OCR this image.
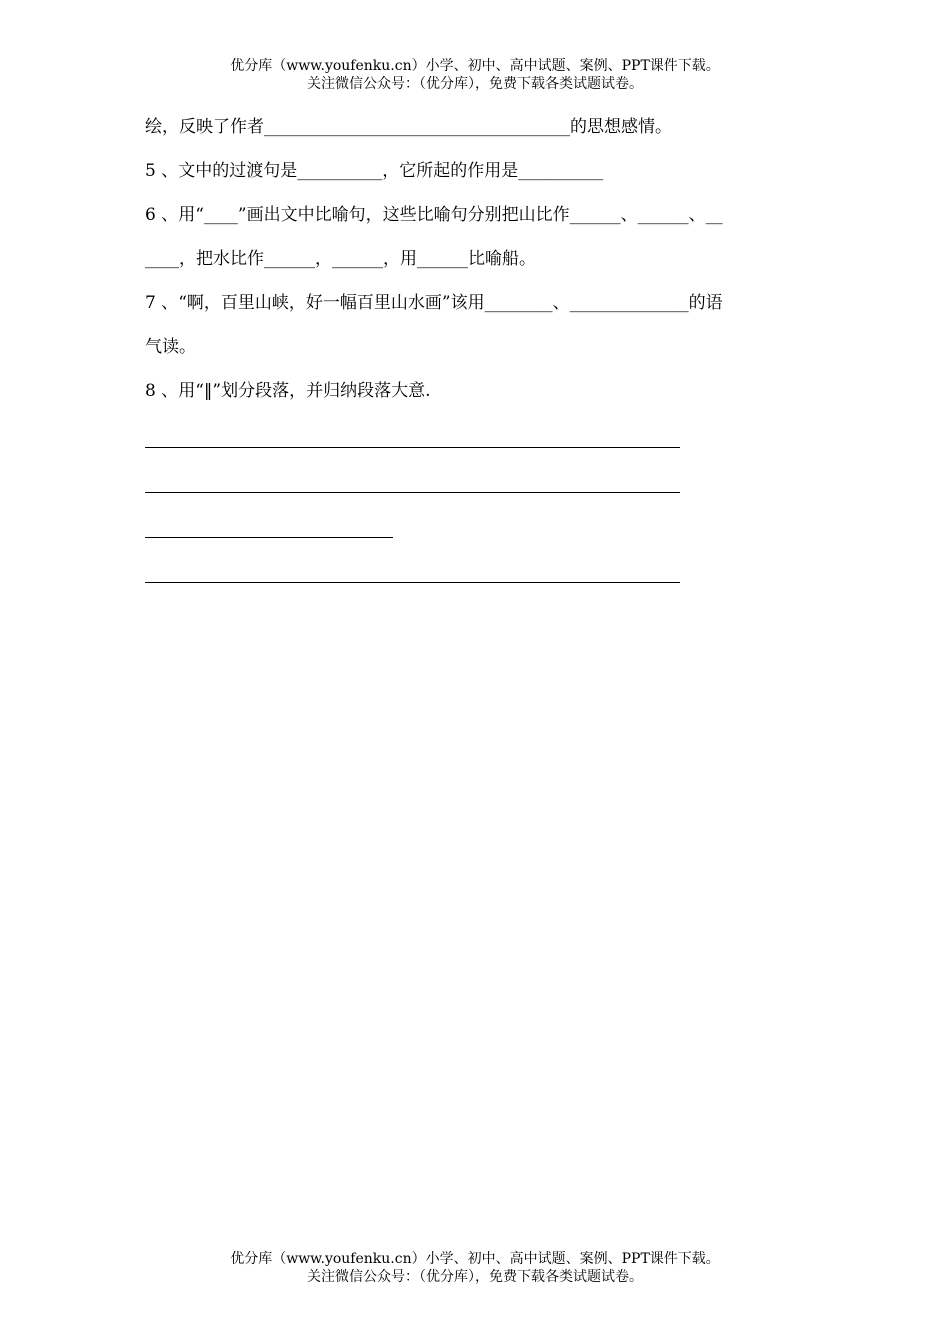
优分库（www.youfenku.cn）小学、初中、高中试题、案例、PPT课件下载。
关注微信公众号：（优分库），免费下载各类试题试卷。
绘，反映了作者____________________________________的思想感情。
5 、文中的过渡句是__________，它所起的作用是__________
6 、用“____”画出文中比喻句，这些比喻句分别把山比作______、______、__
____，把水比作______，______，用______比喻船。
7 、“啊，百里山峡，好一幅百里山水画”该用________、______________的语
气读。
8 、用“‖”划分段落，并归纳段落大意.
优分库（www.youfenku.cn）小学、初中、高中试题、案例、PPT课件下载。
关注微信公众号：（优分库），免费下载各类试题试卷。
